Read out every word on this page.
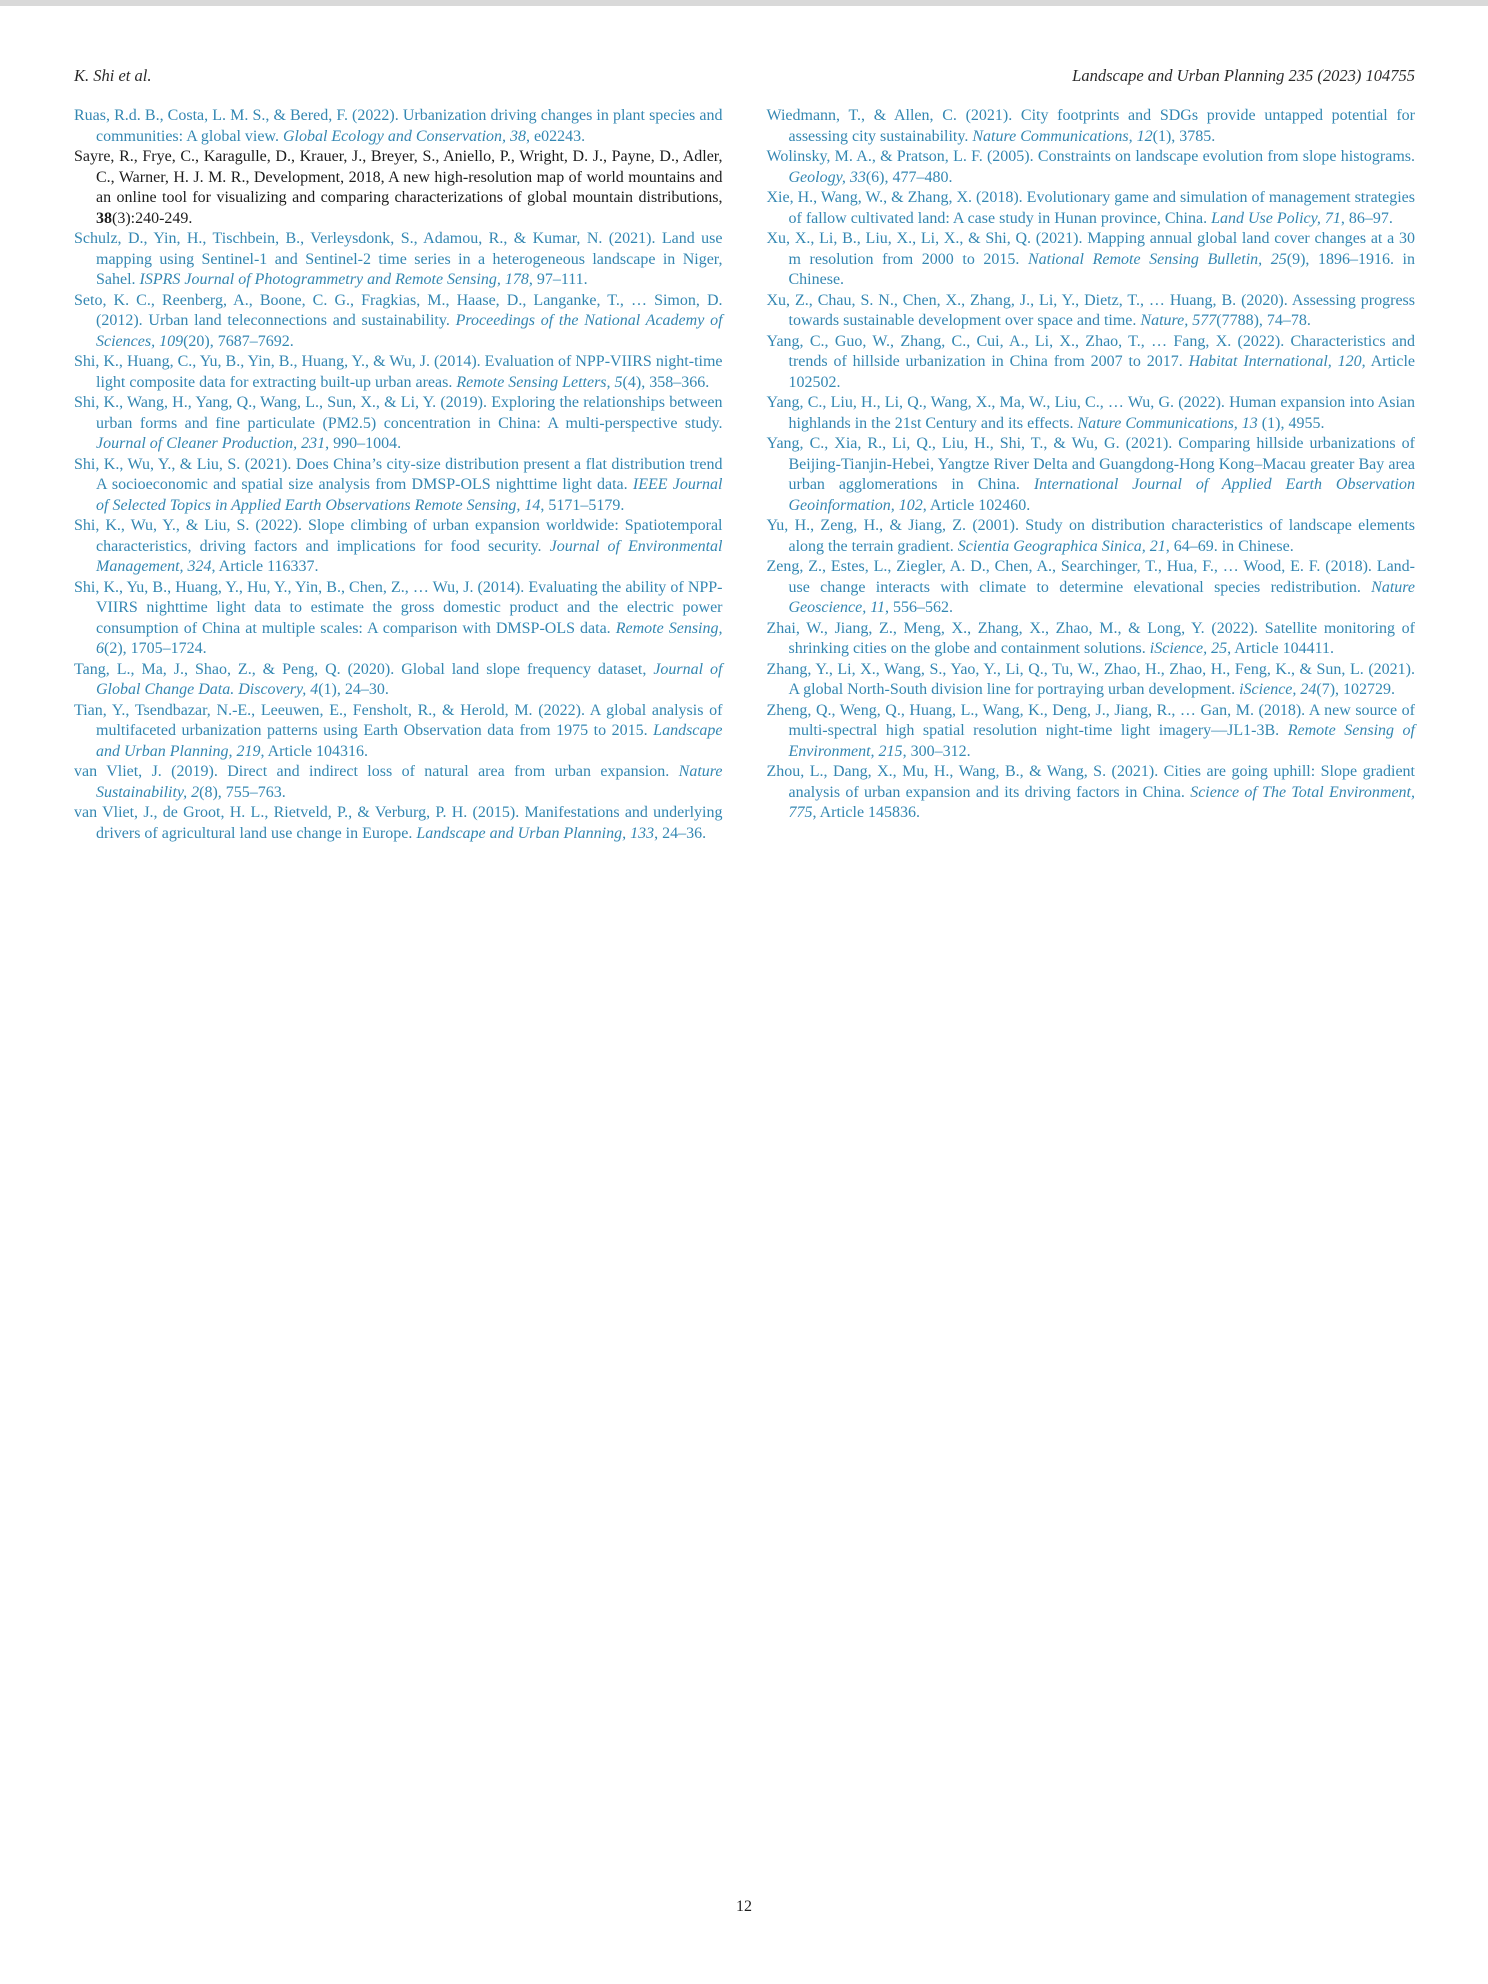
K. Shi et al.	Landscape and Urban Planning 235 (2023) 104755

Ruas, R.d. B., Costa, L. M. S., & Bered, F. (2022). Urbanization driving changes in plant species and communities: A global view. Global Ecology and Conservation, 38, e02243.

Sayre, R., Frye, C., Karagulle, D., Krauer, J., Breyer, S., Aniello, P., Wright, D. J., Payne, D., Adler, C., Warner, H. J. M. R., Development, 2018, A new high-resolution map of world mountains and an online tool for visualizing and comparing characterizations of global mountain distributions, 38(3):240-249.

Schulz, D., Yin, H., Tischbein, B., Verleysdonk, S., Adamou, R., & Kumar, N. (2021). Land use mapping using Sentinel-1 and Sentinel-2 time series in a heterogeneous landscape in Niger, Sahel. ISPRS Journal of Photogrammetry and Remote Sensing, 178, 97–111.

Seto, K. C., Reenberg, A., Boone, C. G., Fragkias, M., Haase, D., Langanke, T., … Simon, D. (2012). Urban land teleconnections and sustainability. Proceedings of the National Academy of Sciences, 109(20), 7687–7692.

Shi, K., Huang, C., Yu, B., Yin, B., Huang, Y., & Wu, J. (2014). Evaluation of NPP-VIIRS night-time light composite data for extracting built-up urban areas. Remote Sensing Letters, 5(4), 358–366.

Shi, K., Wang, H., Yang, Q., Wang, L., Sun, X., & Li, Y. (2019). Exploring the relationships between urban forms and fine particulate (PM2.5) concentration in China: A multi-perspective study. Journal of Cleaner Production, 231, 990–1004.

Shi, K., Wu, Y., & Liu, S. (2021). Does China’s city-size distribution present a flat distribution trend A socioeconomic and spatial size analysis from DMSP-OLS nighttime light data. IEEE Journal of Selected Topics in Applied Earth Observations Remote Sensing, 14, 5171–5179.

Shi, K., Wu, Y., & Liu, S. (2022). Slope climbing of urban expansion worldwide: Spatiotemporal characteristics, driving factors and implications for food security. Journal of Environmental Management, 324, Article 116337.

Shi, K., Yu, B., Huang, Y., Hu, Y., Yin, B., Chen, Z., … Wu, J. (2014). Evaluating the ability of NPP-VIIRS nighttime light data to estimate the gross domestic product and the electric power consumption of China at multiple scales: A comparison with DMSP-OLS data. Remote Sensing, 6(2), 1705–1724.

Tang, L., Ma, J., Shao, Z., & Peng, Q. (2020). Global land slope frequency dataset, Journal of Global Change Data. Discovery, 4(1), 24–30.

Tian, Y., Tsendbazar, N.-E., Leeuwen, E., Fensholt, R., & Herold, M. (2022). A global analysis of multifaceted urbanization patterns using Earth Observation data from 1975 to 2015. Landscape and Urban Planning, 219, Article 104316.

van Vliet, J. (2019). Direct and indirect loss of natural area from urban expansion. Nature Sustainability, 2(8), 755–763.

van Vliet, J., de Groot, H. L., Rietveld, P., & Verburg, P. H. (2015). Manifestations and underlying drivers of agricultural land use change in Europe. Landscape and Urban Planning, 133, 24–36.

Wiedmann, T., & Allen, C. (2021). City footprints and SDGs provide untapped potential for assessing city sustainability. Nature Communications, 12(1), 3785.

Wolinsky, M. A., & Pratson, L. F. (2005). Constraints on landscape evolution from slope histograms. Geology, 33(6), 477–480.

Xie, H., Wang, W., & Zhang, X. (2018). Evolutionary game and simulation of management strategies of fallow cultivated land: A case study in Hunan province, China. Land Use Policy, 71, 86–97.

Xu, X., Li, B., Liu, X., Li, X., & Shi, Q. (2021). Mapping annual global land cover changes at a 30 m resolution from 2000 to 2015. National Remote Sensing Bulletin, 25(9), 1896–1916. in Chinese.

Xu, Z., Chau, S. N., Chen, X., Zhang, J., Li, Y., Dietz, T., … Huang, B. (2020). Assessing progress towards sustainable development over space and time. Nature, 577(7788), 74–78.

Yang, C., Guo, W., Zhang, C., Cui, A., Li, X., Zhao, T., … Fang, X. (2022). Characteristics and trends of hillside urbanization in China from 2007 to 2017. Habitat International, 120, Article 102502.

Yang, C., Liu, H., Li, Q., Wang, X., Ma, W., Liu, C., … Wu, G. (2022). Human expansion into Asian highlands in the 21st Century and its effects. Nature Communications, 13 (1), 4955.

Yang, C., Xia, R., Li, Q., Liu, H., Shi, T., & Wu, G. (2021). Comparing hillside urbanizations of Beijing-Tianjin-Hebei, Yangtze River Delta and Guangdong-Hong Kong–Macau greater Bay area urban agglomerations in China. International Journal of Applied Earth Observation Geoinformation, 102, Article 102460.

Yu, H., Zeng, H., & Jiang, Z. (2001). Study on distribution characteristics of landscape elements along the terrain gradient. Scientia Geographica Sinica, 21, 64–69. in Chinese.

Zeng, Z., Estes, L., Ziegler, A. D., Chen, A., Searchinger, T., Hua, F., … Wood, E. F. (2018). Land-use change interacts with climate to determine elevational species redistribution. Nature Geoscience, 11, 556–562.

Zhai, W., Jiang, Z., Meng, X., Zhang, X., Zhao, M., & Long, Y. (2022). Satellite monitoring of shrinking cities on the globe and containment solutions. iScience, 25, Article 104411.

Zhang, Y., Li, X., Wang, S., Yao, Y., Li, Q., Tu, W., Zhao, H., Zhao, H., Feng, K., & Sun, L. (2021). A global North-South division line for portraying urban development. iScience, 24(7), 102729.

Zheng, Q., Weng, Q., Huang, L., Wang, K., Deng, J., Jiang, R., … Gan, M. (2018). A new source of multi-spectral high spatial resolution night-time light imagery—JL1-3B. Remote Sensing of Environment, 215, 300–312.

Zhou, L., Dang, X., Mu, H., Wang, B., & Wang, S. (2021). Cities are going uphill: Slope gradient analysis of urban expansion and its driving factors in China. Science of The Total Environment, 775, Article 145836.

12
